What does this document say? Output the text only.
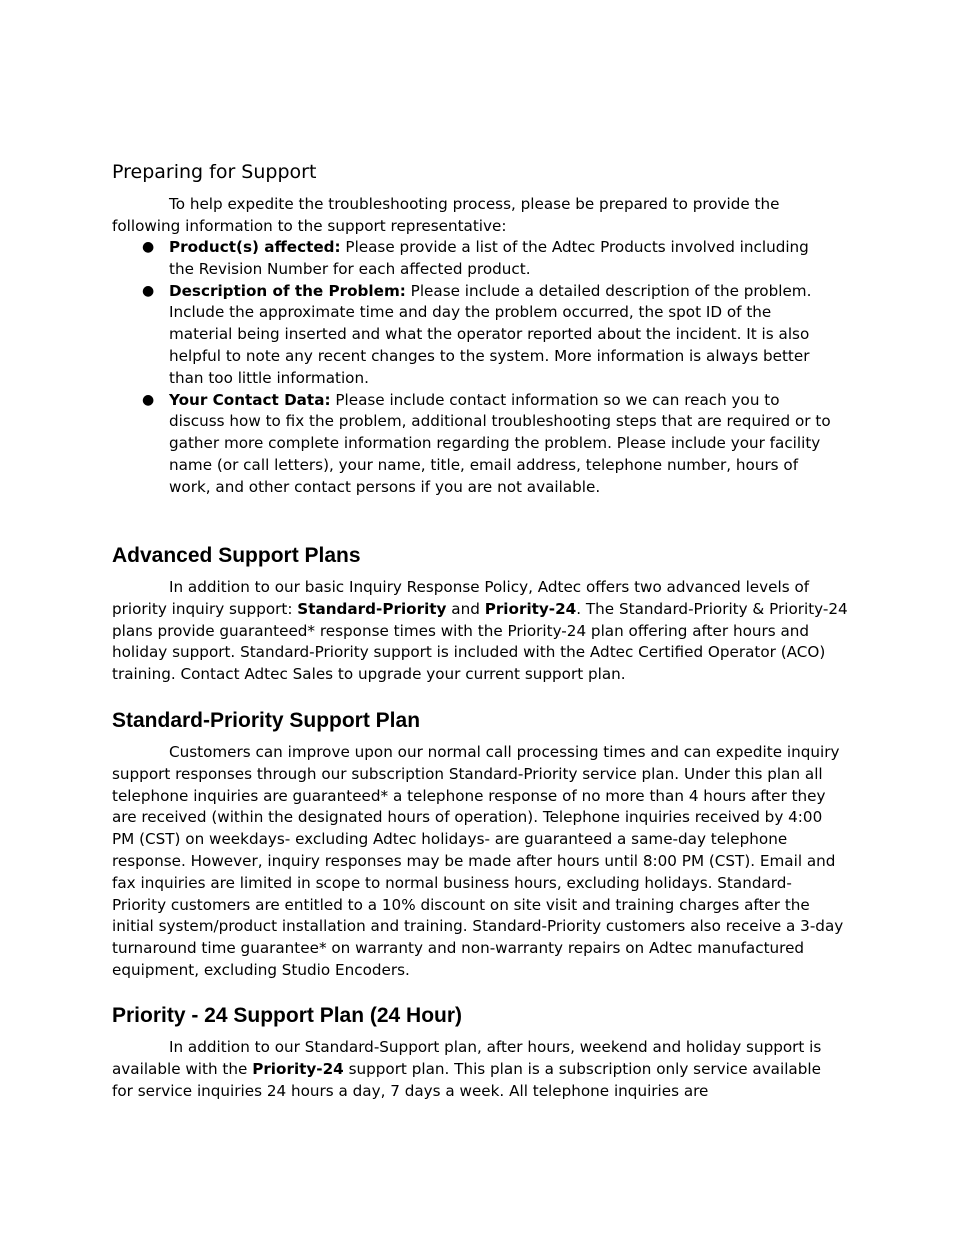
Preparing for Support

To help expedite the troubleshooting process, please be prepared to provide the following information to the support representative:

● Product(s) affected: Please provide a list of the Adtec Products involved including the Revision Number for each affected product.
● Description of the Problem: Please include a detailed description of the problem. Include the approximate time and day the problem occurred, the spot ID of the material being inserted and what the operator reported about the incident. It is also helpful to note any recent changes to the system. More information is always better than too little information.
● Your Contact Data: Please include contact information so we can reach you to discuss how to fix the problem, additional troubleshooting steps that are required or to gather more complete information regarding the problem. Please include your facility name (or call letters), your name, title, email address, telephone number, hours of work, and other contact persons if you are not available.
Advanced Support Plans

In addition to our basic Inquiry Response Policy, Adtec offers two advanced levels of priority inquiry support: Standard-Priority and Priority-24. The Standard-Priority & Priority-24 plans provide guaranteed* response times with the Priority-24 plan offering after hours and holiday support. Standard-Priority support is included with the Adtec Certified Operator (ACO) training. Contact Adtec Sales to upgrade your current support plan.

Standard-Priority Support Plan

Customers can improve upon our normal call processing times and can expedite inquiry support responses through our subscription Standard-Priority service plan. Under this plan all telephone inquiries are guaranteed* a telephone response of no more than 4 hours after they are received (within the designated hours of operation). Telephone inquiries received by 4:00 PM (CST) on weekdays- excluding Adtec holidays- are guaranteed a same-day telephone response. However, inquiry responses may be made after hours until 8:00 PM (CST). Email and fax inquiries are limited in scope to normal business hours, excluding holidays. Standard-Priority customers are entitled to a 10% discount on site visit and training charges after the initial system/product installation and training. Standard-Priority customers also receive a 3-day turnaround time guarantee* on warranty and non-warranty repairs on Adtec manufactured equipment, excluding Studio Encoders.

Priority - 24 Support Plan (24 Hour)

In addition to our Standard-Support plan, after hours, weekend and holiday support is available with the Priority-24 support plan. This plan is a subscription only service available for service inquiries 24 hours a day, 7 days a week. All telephone inquiries are
